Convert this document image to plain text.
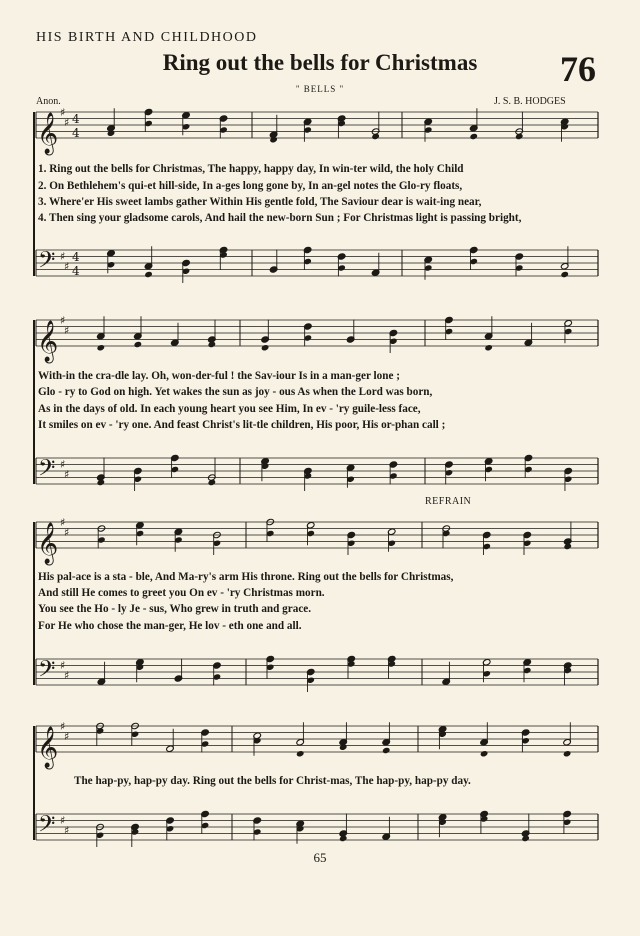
𝄞
♯
♯ 4
4
𝄢 ♯
♯
4
4
𝄞
♯
♯
𝄢 ♯
♯
𝄞
♯
♯
𝄢 ♯
♯
𝄞
♯
♯
𝄢 ♯
♯
HIS BIRTH AND CHILDHOOD
Ring out the bells for Christmas	76
" BELLS "
Anon.	J. S. B. HODGES
1. Ring out the bells for Christmas, The happy, happy day, In win-ter wild, the holy Child
2. On Bethlehem's qui-et hill-side, In a-ges long gone by, In an-gel notes the Glo-ry floats,
3. Where'er His sweet lambs gather Within His gentle fold, The Saviour dear is wait-ing near,
4. Then sing your gladsome carols, And hail the new-born Sun ; For Christmas light is passing bright,
With-in the cra-dle lay. Oh, won-der-ful ! the Sav-iour Is in a man-ger lone ;
Glo - ry to God on high. Yet wakes the sun as joy - ous As when the Lord was born,
As in the days of old. In each young heart you see Him, In ev - 'ry guile-less face,
It smiles on ev - 'ry one. And feast Christ's lit-tle children, His poor, His or-phan call ;
REFRAIN
His pal-ace is a sta - ble, And Ma-ry's arm His throne. Ring out the bells for Christmas,
And still He comes to greet you On ev - 'ry Christmas morn.
You see the Ho - ly Je - sus, Who grew in truth and grace.
For He who chose the man-ger, He lov - eth one and all.
The hap-py, hap-py day. Ring out the bells for Christ-mas, The hap-py, hap-py day.
65
